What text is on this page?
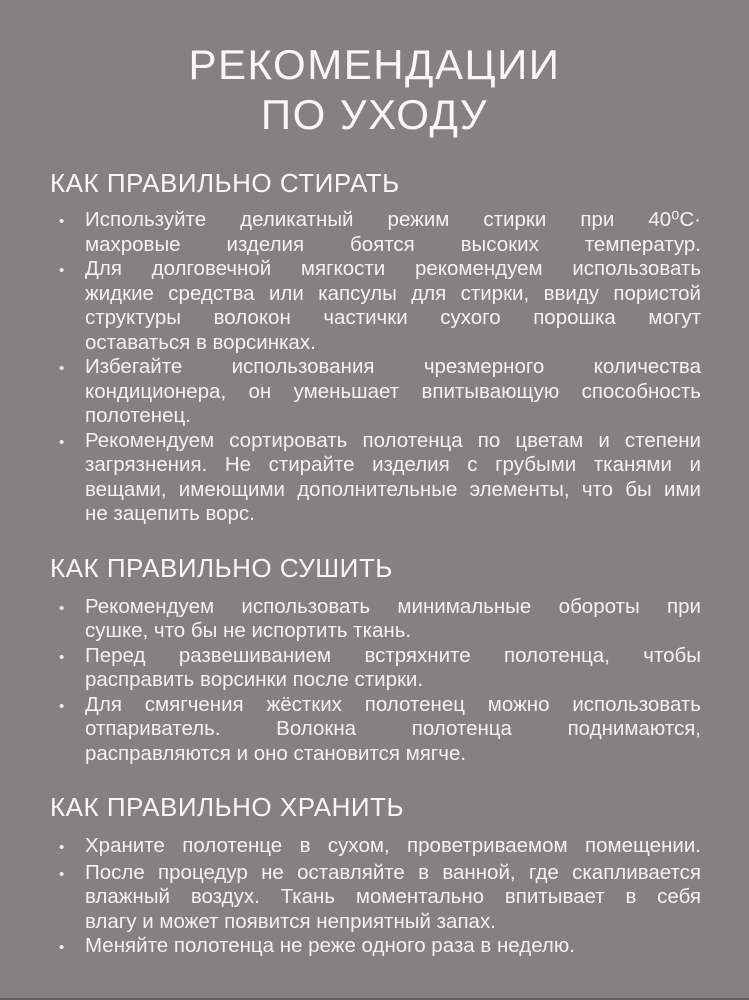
РЕКОМЕНДАЦИИ
ПО УХОДУ
КАК ПРАВИЛЬНО СТИРАТЬ
•	Используйте деликатный режим стирки при 40⁰С·
махровые изделия боятся высоких температур.
•	Для долговечной мягкости рекомендуем использовать
жидкие средства или капсулы для стирки, ввиду пористой
структуры волокон частички сухого порошка могут
оставаться в ворсинках.
•	Избегайте использования чрезмерного количества
кондиционера, он уменьшает впитывающую способность
полотенец.
•	Рекомендуем сортировать полотенца по цветам и степени
загрязнения. Не стирайте изделия с грубыми тканями и
вещами, имеющими дополнительные элементы, что бы ими
не зацепить ворс.
КАК ПРАВИЛЬНО СУШИТЬ
•	Рекомендуем использовать минимальные обороты при
сушке, что бы не испортить ткань.
•	Перед развешиванием встряхните полотенца, чтобы
расправить ворсинки после стирки.
•	Для смягчения жёстких полотенец можно использовать
отпариватель. Волокна полотенца поднимаются,
расправляются и оно становится мягче.
КАК ПРАВИЛЬНО ХРАНИТЬ
•	Храните полотенце в сухом, проветриваемом помещении.
•	После процедур не оставляйте в ванной, где скапливается
влажный воздух. Ткань моментально впитывает в себя
влагу и может появится неприятный запах.
•	Меняйте полотенца не реже одного раза в неделю.
